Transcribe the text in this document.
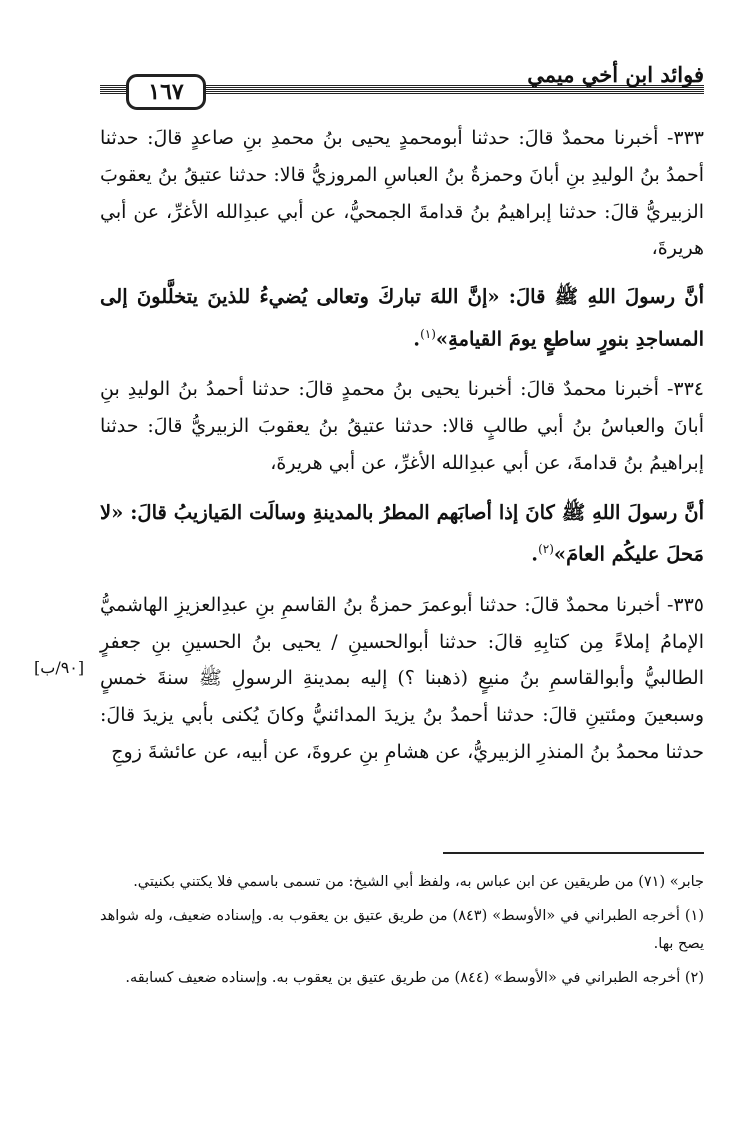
فوائد ابن أخي ميمي
١٦٧

٣٣٣- أخبرنا محمدٌ قالَ: حدثنا أبومحمدٍ يحيى بنُ محمدِ بنِ صاعدٍ قالَ: حدثنا أحمدُ بنُ الوليدِ بنِ أبانَ وحمزةُ بنُ العباسِ المروزيُّ قالا: حدثنا عتيقُ بنُ يعقوبَ الزبيريُّ قالَ: حدثنا إبراهيمُ بنُ قدامةَ الجمحيُّ، عن أبي عبدِالله الأغرِّ، عن أبي هريرةَ،

أنَّ رسولَ اللهِ ﷺ قالَ: «إنَّ اللهَ تباركَ وتعالى يُضيءُ للذينَ يتخلَّلونَ إلى المساجدِ بنورٍ ساطعٍ يومَ القيامةِ»$^{(١)}$.

٣٣٤- أخبرنا محمدٌ قالَ: أخبرنا يحيى بنُ محمدٍ قالَ: حدثنا أحمدُ بنُ الوليدِ بنِ أبانَ والعباسُ بنُ أبي طالبٍ قالا: حدثنا عتيقُ بنُ يعقوبَ الزبيريُّ قالَ: حدثنا إبراهيمُ بنُ قدامةَ، عن أبي عبدِالله الأغرِّ، عن أبي هريرةَ،

أنَّ رسولَ اللهِ ﷺ كانَ إذا أصابَهم المطرُ بالمدينةِ وسالَت المَيازيبُ قالَ: «لا مَحلَ عليكُم العامَ»$^{(٢)}$.

٣٣٥- أخبرنا محمدٌ قالَ: حدثنا أبوعمرَ حمزةُ بنُ القاسمِ بنِ عبدِالعزيزِ الهاشميُّ الإمامُ إملاءً مِن كتابِهِ قالَ: حدثنا أبوالحسينِ / يحيى بنُ الحسينِ بنِ جعفرٍ الطالبيُّ وأبوالقاسمِ بنُ منيعٍ (ذهبنا ؟) إليه بمدينةِ الرسولِ ﷺ سنةَ خمسٍ وسبعينَ ومئتينِ قالَ: حدثنا أحمدُ بنُ يزيدَ المدائنيُّ وكانَ يُكنى بأبي يزيدَ قالَ: حدثنا محمدُ بنُ المنذرِ الزبيريُّ، عن هشامِ بنِ عروةَ، عن أبيه، عن عائشةَ زوجِ

[٩٠/ب]

جابر» (٧١) من طريقين عن ابن عباس به، ولفظ أبي الشيخ: من تسمى باسمي فلا يكتني بكنيتي.

(١) أخرجه الطبراني في «الأوسط» (٨٤٣) من طريق عتيق بن يعقوب به. وإسناده ضعيف، وله شواهد يصح بها.

(٢) أخرجه الطبراني في «الأوسط» (٨٤٤) من طريق عتيق بن يعقوب به. وإسناده ضعيف كسابقه.
